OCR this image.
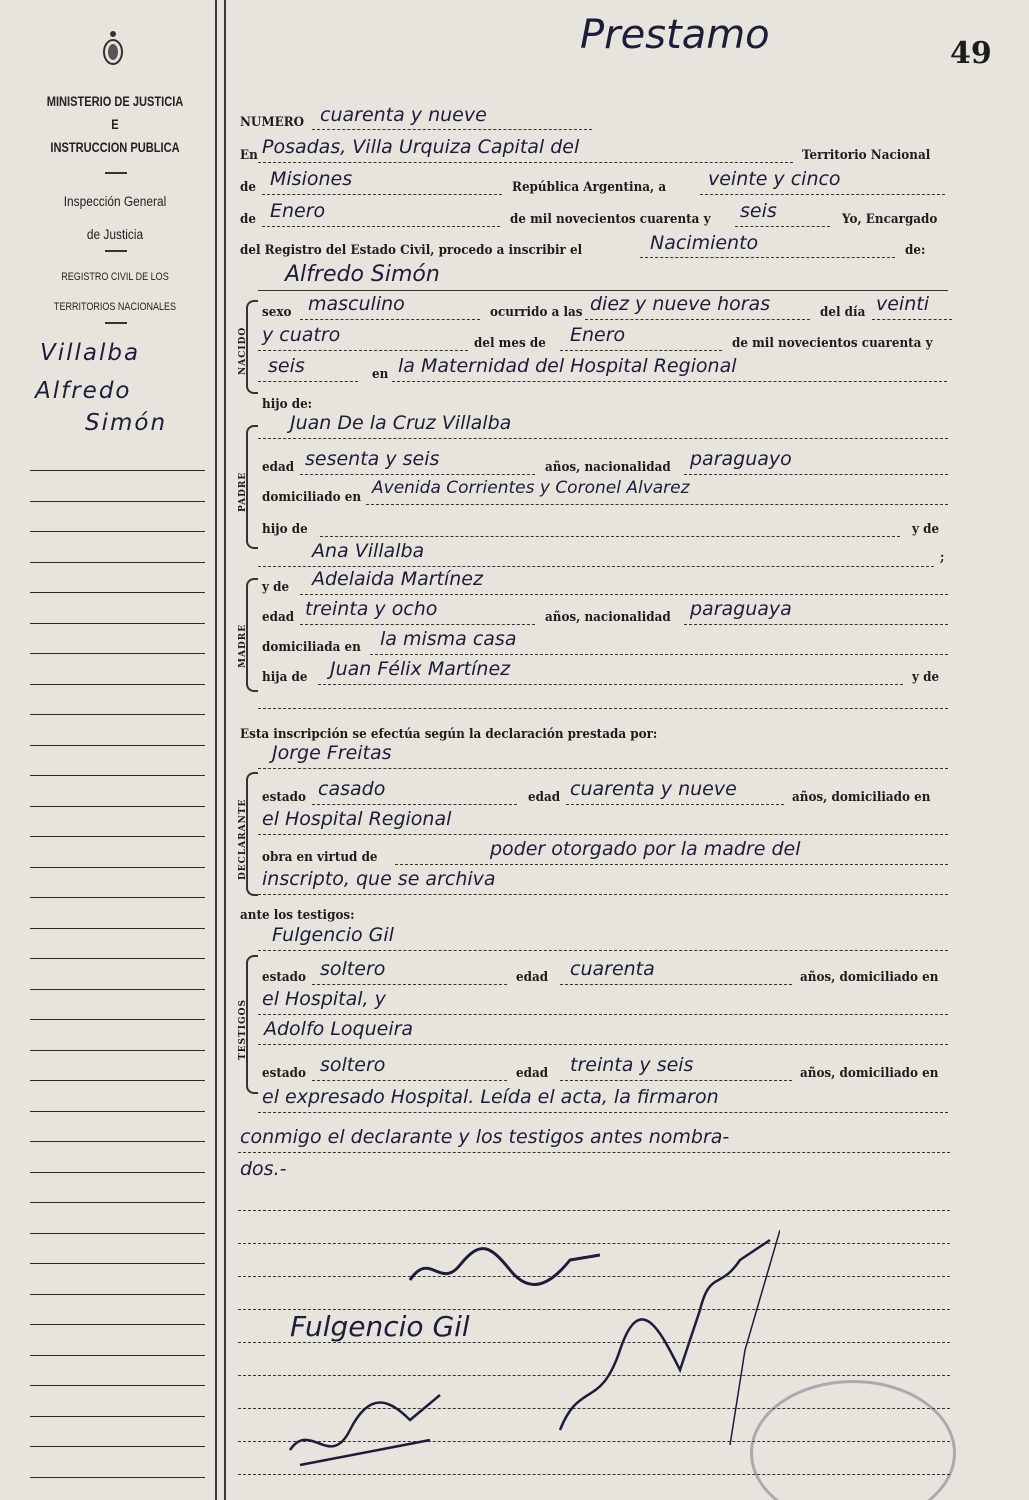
MINISTERIO DE JUSTICIA
E
INSTRUCCION PUBLICA
Inspección General
de Justicia
REGISTRO CIVIL DE LOS
TERRITORIOS NACIONALES
Villalba
Alfredo
Simón
Prestamo	49
NUMERO cuarenta y nueve
En Posadas, Villa Urquiza Capital del	Territorio Nacional
de Misiones	República Argentina, a veinte y cinco
de Enero	de mil novecientos cuarenta y seis	Yo, Encargado
del Registro del Estado Civil, procedo a inscribir el	Nacimiento	de:
Alfredo Simón
NACIDO
sexo masculino	ocurrido a las diez y nueve horas	del día veinti
y cuatro	del mes de Enero	de mil novecientos cuarenta y
seis	en la Maternidad del Hospital Regional
hijo de:
Juan De la Cruz Villalba
PADRE
edad sesenta y seis	años, nacionalidad paraguayo
domiciliado en Avenida Corrientes y Coronel Alvarez
hijo de	y de
Ana Villalba	;
y de Adelaida Martínez
MADRE
edad treinta y ocho	años, nacionalidad paraguaya
domiciliada en la misma casa
hija de Juan Félix Martínez	y de
Esta inscripción se efectúa según la declaración prestada por:
Jorge Freitas
DECLARANTE
estado casado	edad cuarenta y nueve	años, domiciliado en
el Hospital Regional
obra en virtud de	poder otorgado por la madre del
inscripto, que se archiva
ante los testigos:
Fulgencio Gil
TESTIGOS
estado soltero	edad cuarenta	años, domiciliado en
el Hospital, y
Adolfo Loqueira
estado soltero	edad treinta y seis	años, domiciliado en
el expresado Hospital. Leída el acta, la firmaron
conmigo el declarante y los testigos antes nombra-
dos.-
Fulgencio Gil
